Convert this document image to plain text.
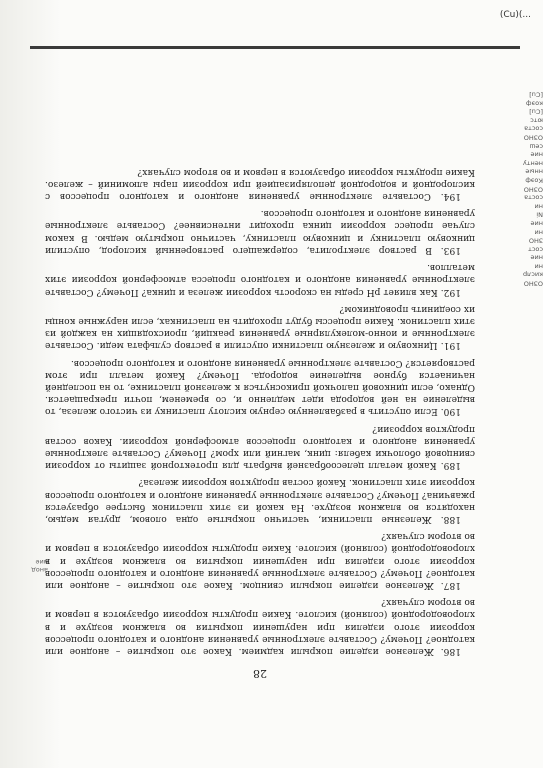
анод
ние
[Cu]
коэф
[Cu]
ютс
соста
ОЗНО
сеш
ние
ненту
нные
Коэф
ОЗНО
соста
ни
Ni
ние
ни
ЗНО
сост
ние
ни
кислр
ОЗНО
(Cu)(...

28

186. Железное изделие покрыли кадмием. Какое это покрытие – анодное или катодное? Почему? Составьте электронные уравнения анодного и катодного процессов коррозии этого изделия при нарушении покрытия во влажном воздухе и в хлороводородной (соляной) кислоте. Какие продукты коррозии образуются в первом и во втором случаях?

187. Железное изделие покрыли свинцом. Какое это покрытие – анодное или катодное? Почему? Составьте электронные уравнения анодного и катодного процессов коррозии этого изделия при нарушении покрытия во влажном воздухе и в хлороводородной (соляной) кислоте. Какие продукты коррозии образуются в первом и во втором случаях?

188. Железные пластинки, частично покрытые одна оловом, другая медью, находятся во влажном воздухе. На какой из этих пластинок быстрее образуется ржавчина? Почему? Составьте электронные уравнения анодного и катодного процессов коррозии этих пластинок. Какой состав продуктов коррозии железа?

189. Какой металл целесообразней выбрать для протекторной защиты от коррозии свинцовой оболочки кабеля: цинк, магний или хром? Почему? Составьте электронные уравнения анодного и катодного процессов атмосферной коррозии. Каков состав продуктов коррозии?

190. Если опустить в разбавленную серную кислоту пластинку из чистого железа, то выделение на ней водорода идет медленно и, со временем, почти прекращается. Однако, если цинковой палочкой прикоснуться к железной пластинке, то на последней начинается бурное выделение водорода. Почему? Какой металл при этом растворяется? Составьте электронные уравнения анодного и катодного процессов.

191. Цинковую и железную пластинки опустили в раствор сульфата меди. Составьте электронные и ионно-молекулярные уравнения реакций, происходящих на каждой из этих пластинок. Какие процессы будут проходить на пластинках, если наружные концы их соединить проводником?

192. Как влияет рН среды на скорость коррозии железа и цинка? Почему? Составьте электронные уравнения анодного и катодного процесса атмосферной коррозии этих металлов.

193. В раствор электролита, содержащего растворенный кислород, опустили цинковую пластинку и цинковую пластинку, частично покрытую медью. В каком случае процесс коррозии цинка проходит интенсивнее? Составьте электронные уравнения анодного и катодного процессов.

194. Составьте электронные уравнения анодного и катодного процессов с кислородной и водородной деполяризацией при коррозии пары алюминий – железо. Какие продукты коррозии образуются в первом и во втором случаях?
